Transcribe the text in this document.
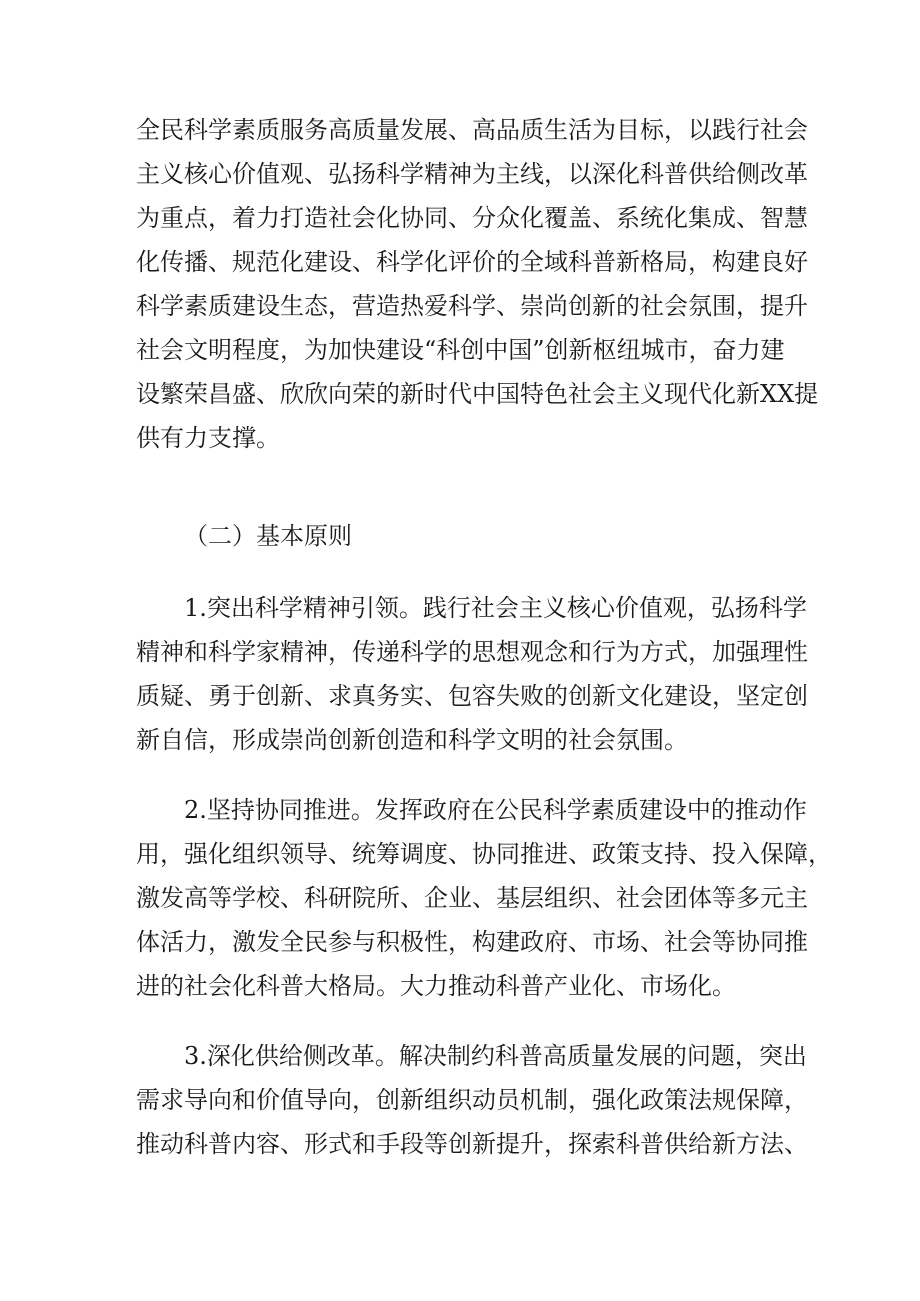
全民科学素质服务高质量发展、高品质生活为目标，以践行社会
主义核心价值观、弘扬科学精神为主线，以深化科普供给侧改革
为重点，着力打造社会化协同、分众化覆盖、系统化集成、智慧
化传播、规范化建设、科学化评价的全域科普新格局，构建良好
科学素质建设生态，营造热爱科学、崇尚创新的社会氛围，提升
社会文明程度，为加快建设“科创中国”创新枢纽城市，奋力建
设繁荣昌盛、欣欣向荣的新时代中国特色社会主义现代化新XX提
供有力支撑。
（二）基本原则
1.突出科学精神引领。践行社会主义核心价值观，弘扬科学
精神和科学家精神，传递科学的思想观念和行为方式，加强理性
质疑、勇于创新、求真务实、包容失败的创新文化建设，坚定创
新自信，形成崇尚创新创造和科学文明的社会氛围。
2.坚持协同推进。发挥政府在公民科学素质建设中的推动作
用，强化组织领导、统筹调度、协同推进、政策支持、投入保障，
激发高等学校、科研院所、企业、基层组织、社会团体等多元主
体活力，激发全民参与积极性，构建政府、市场、社会等协同推
进的社会化科普大格局。大力推动科普产业化、市场化。
3.深化供给侧改革。解决制约科普高质量发展的问题，突出
需求导向和价值导向，创新组织动员机制，强化政策法规保障，
推动科普内容、形式和手段等创新提升，探索科普供给新方法、
